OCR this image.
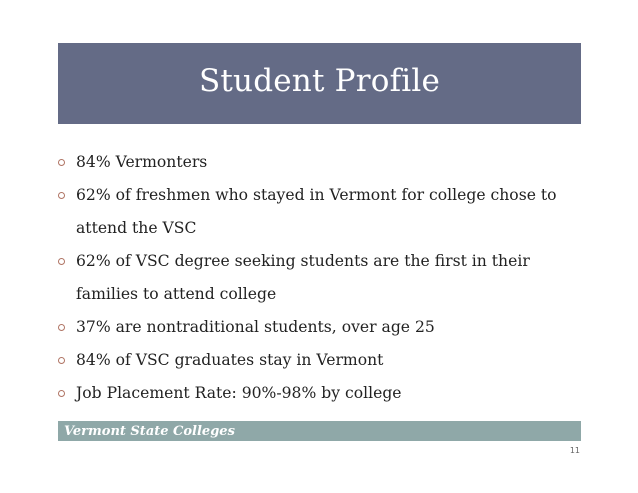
Student Profile
84% Vermonters
62% of freshmen who stayed in Vermont for college chose to attend the VSC
62% of VSC degree seeking students are the first in their families to attend college
37% are nontraditional students, over age 25
84% of VSC graduates stay in Vermont
Job Placement Rate: 90%-98% by college
Vermont State Colleges
11
